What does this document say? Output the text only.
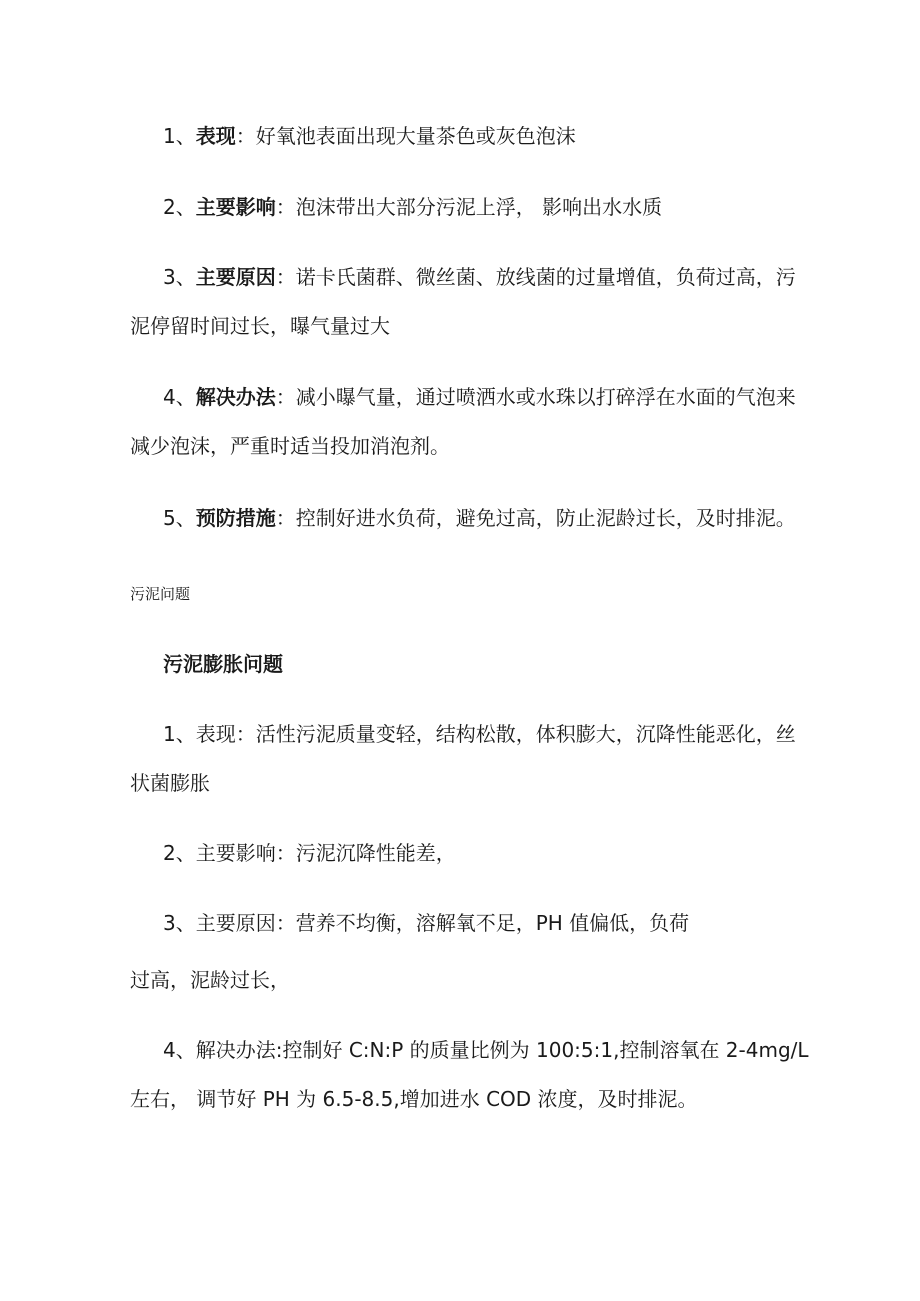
1、表现：好氧池表面出现大量茶色或灰色泡沫
2、主要影响：泡沫带出大部分污泥上浮， 影响出水水质
3、主要原因：诺卡氏菌群、微丝菌、放线菌的过量增值，负荷过高，污
泥停留时间过长，曝气量过大
4、解决办法：减小曝气量，通过喷洒水或水珠以打碎浮在水面的气泡来
减少泡沫，严重时适当投加消泡剂。
5、预防措施：控制好进水负荷，避免过高，防止泥龄过长，及时排泥。
污泥问题
污泥膨胀问题
1、表现：活性污泥质量变轻，结构松散，体积膨大，沉降性能恶化，丝
状菌膨胀
2、主要影响：污泥沉降性能差，
3、主要原因：营养不均衡，溶解氧不足，PH 值偏低，负荷
过高，泥龄过长，
4、解决办法:控制好 C:N:P 的质量比例为 100:5:1,控制溶氧在 2-4mg/L
左右， 调节好 PH 为 6.5-8.5,增加进水 COD 浓度，及时排泥。
